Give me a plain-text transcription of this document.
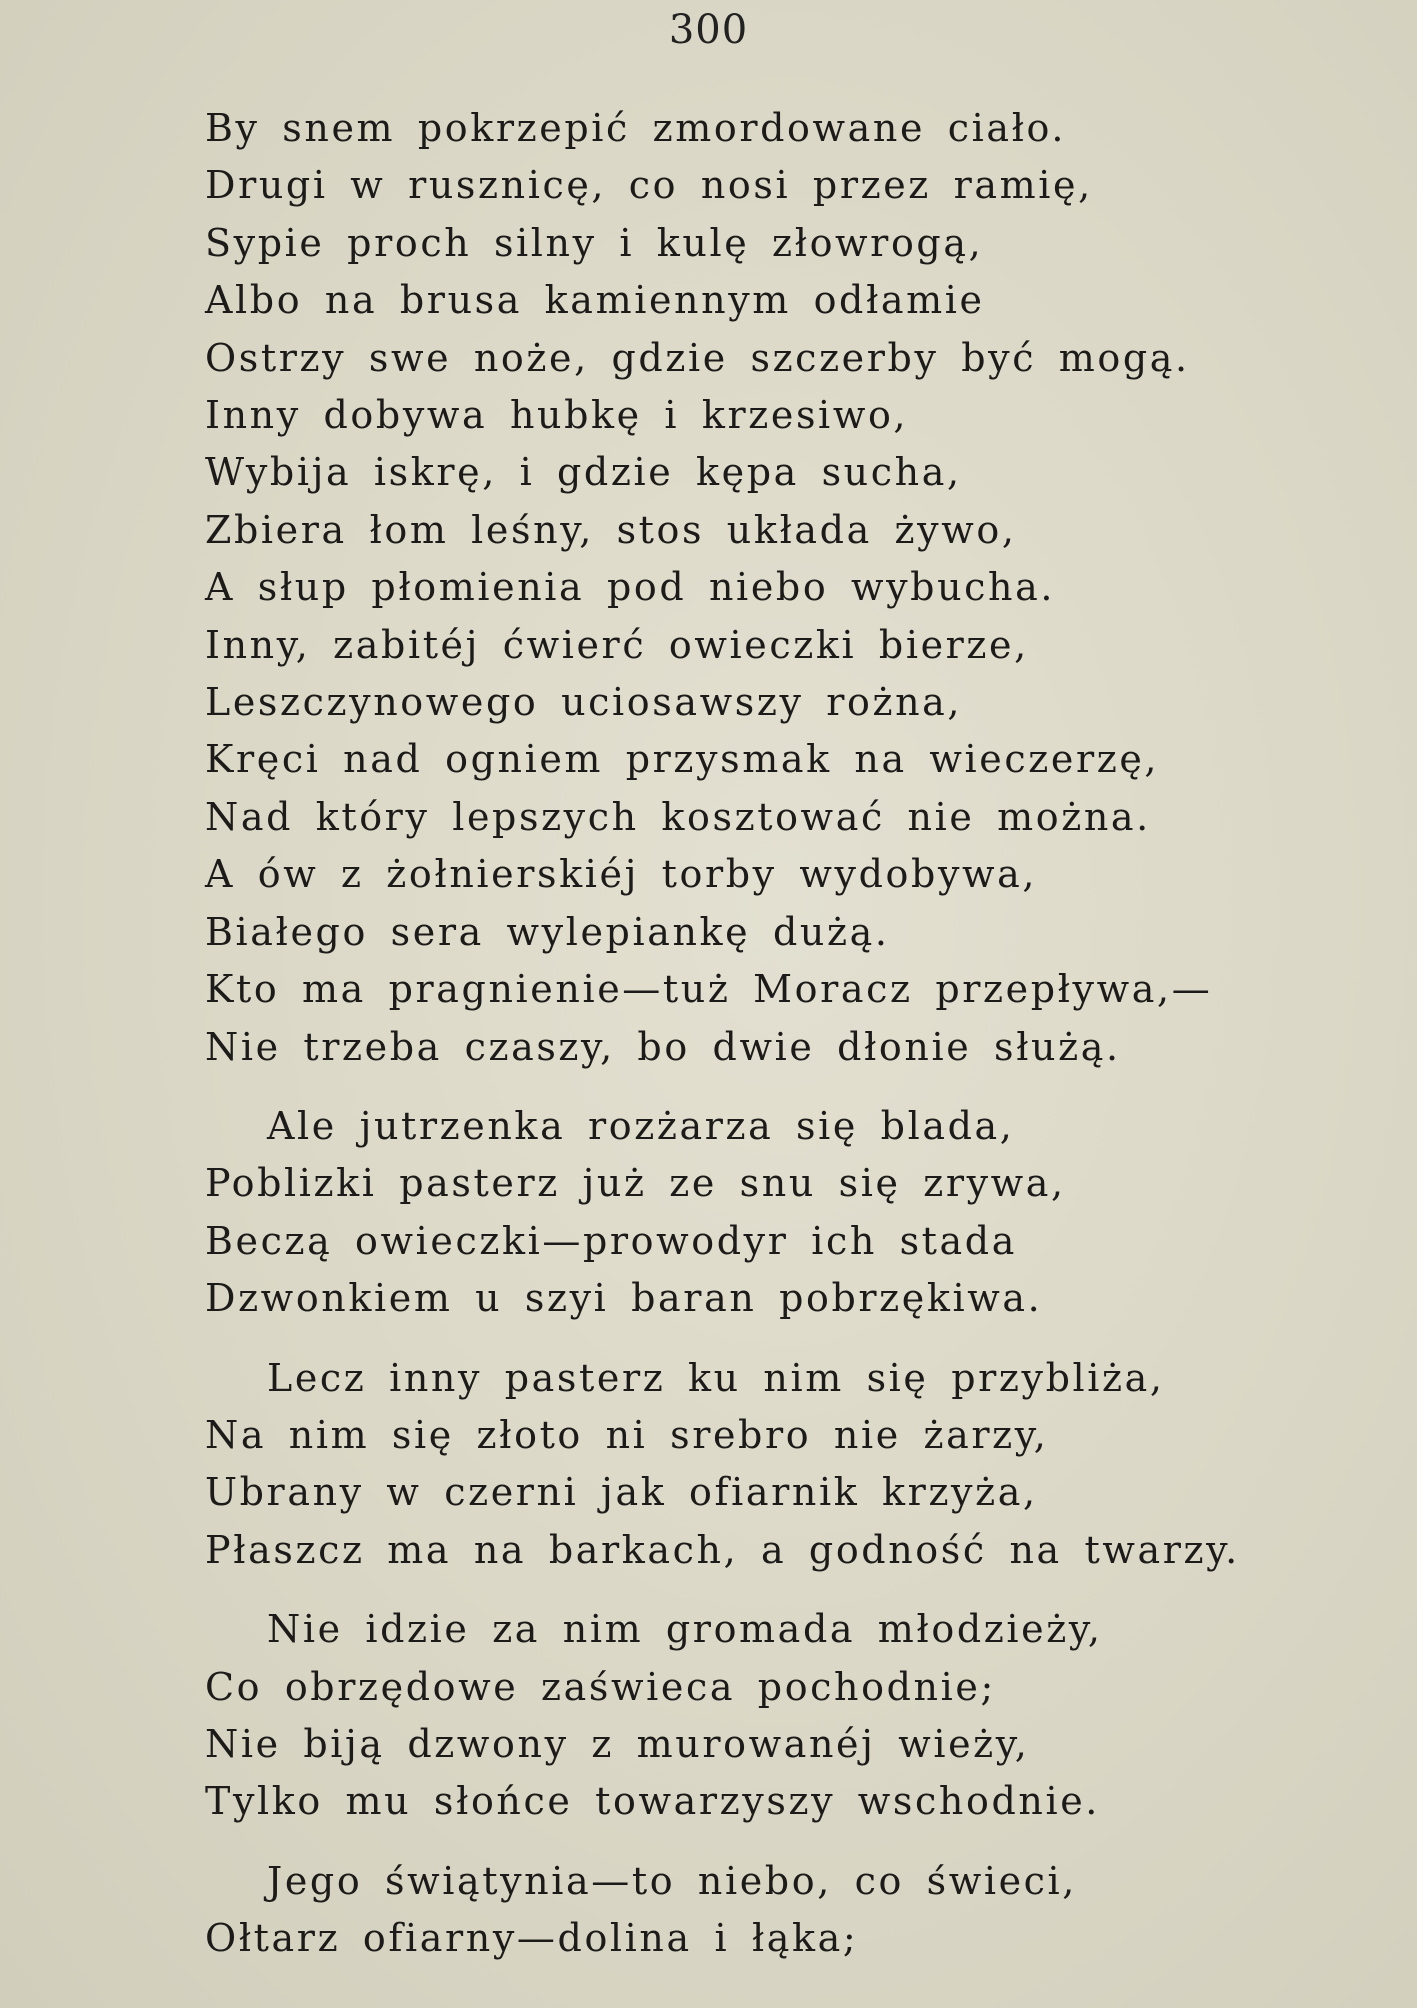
300
By snem pokrzepić zmordowane ciało.
Drugi w rusznicę, co nosi przez ramię,
Sypie proch silny i kulę złowrogą,
Albo na brusa kamiennym odłamie
Ostrzy swe noże, gdzie szczerby być mogą.
Inny dobywa hubkę i krzesiwo,
Wybija iskrę, i gdzie kępa sucha,
Zbiera łom leśny, stos układa żywo,
A słup płomienia pod niebo wybucha.
Inny, zabitéj ćwierć owieczki bierze,
Leszczynowego uciosawszy rożna,
Kręci nad ogniem przysmak na wieczerzę,
Nad który lepszych kosztować nie można.
A ów z żołnierskiéj torby wydobywa,
Białego sera wylepiankę dużą.
Kto ma pragnienie—tuż Moracz przepływa,—
Nie trzeba czaszy, bo dwie dłonie służą.
Ale jutrzenka rozżarza się blada,
Poblizki pasterz już ze snu się zrywa,
Beczą owieczki—prowodyr ich stada
Dzwonkiem u szyi baran pobrzękiwa.
Lecz inny pasterz ku nim się przybliża,
Na nim się złoto ni srebro nie żarzy,
Ubrany w czerni jak ofiarnik krzyża,
Płaszcz ma na barkach, a godność na twarzy.
Nie idzie za nim gromada młodzieży,
Co obrzędowe zaświeca pochodnie;
Nie biją dzwony z murowanéj wieży,
Tylko mu słońce towarzyszy wschodnie.
Jego świątynia—to niebo, co świeci,
Ołtarz ofiarny—dolina i łąka;
